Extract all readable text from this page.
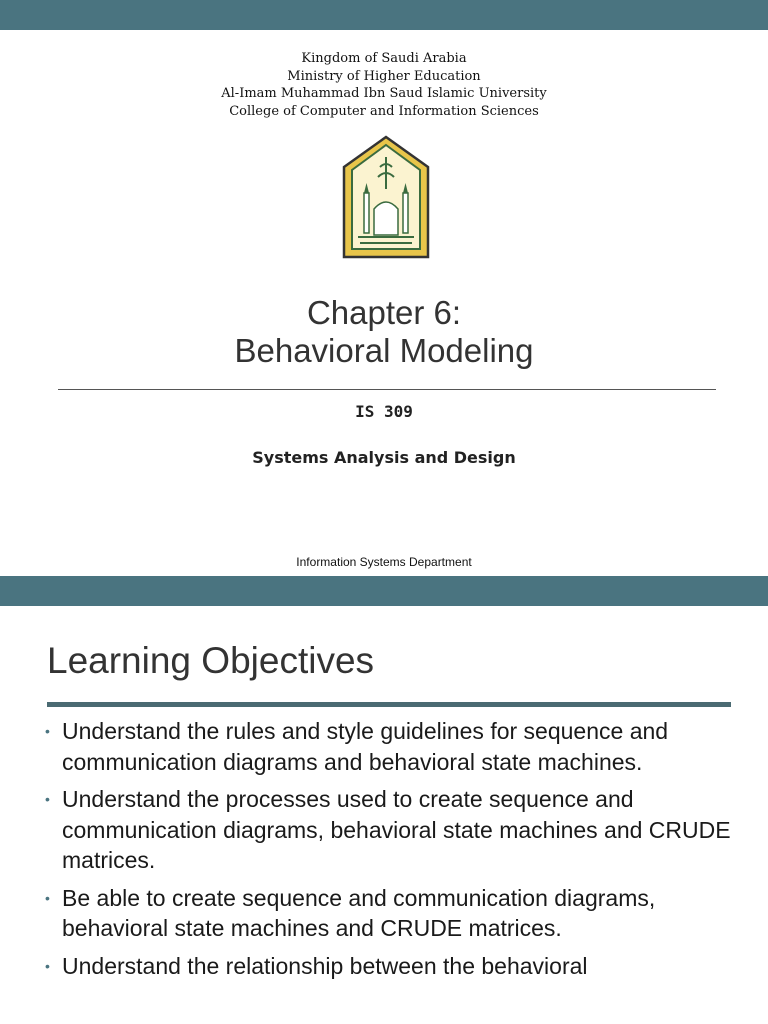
Kingdom of Saudi Arabia
Ministry of Higher Education
Al-Imam Muhammad Ibn Saud Islamic University
College of Computer and Information Sciences
Chapter 6:
Behavioral Modeling
IS 309
Systems Analysis and Design
Information Systems Department
Learning Objectives
• Understand the rules and style guidelines for sequence and communication diagrams and behavioral state machines.
• Understand the processes used to create sequence and communication diagrams, behavioral state machines and CRUDE matrices.
• Be able to create sequence and communication diagrams, behavioral state machines and CRUDE matrices.
• Understand the relationship between the behavioral
